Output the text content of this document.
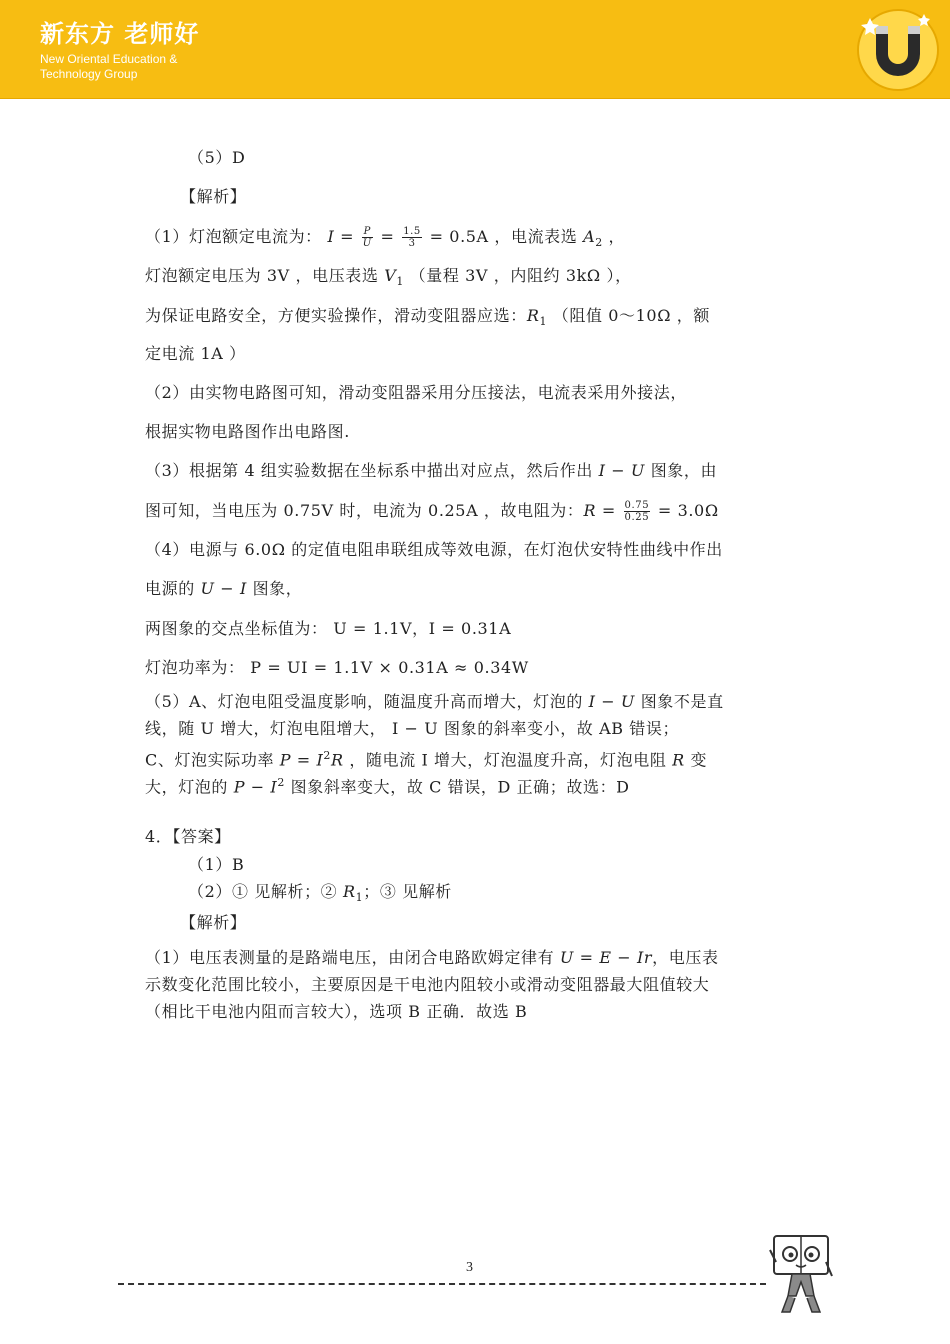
新东方 老师好
New Oriental Education &
Technology Group
（5）D
【解析】
（1）灯泡额定电流为： $I = \frac{P}{U} = \frac{1.5}{3} = 0.5A$ ，电流表选 $A_2$ ，
灯泡额定电压为 3V ，电压表选 $V_1$ （量程 3V ，内阻约 3kΩ ），
为保证电路安全，方便实验操作，滑动变阻器应选：$R_1$ （阻值 0～10Ω ，额
定电流 1A ）
（2）由实物电路图可知，滑动变阻器采用分压接法，电流表采用外接法，
根据实物电路图作出电路图.
（3）根据第 4 组实验数据在坐标系中描出对应点，然后作出 I − U 图象，由
图可知，当电压为 0.75V 时，电流为 0.25A ，故电阻为：$R = \frac{0.75}{0.25} = 3.0\Omega$
（4）电源与 6.0Ω 的定值电阻串联组成等效电源，在灯泡伏安特性曲线中作出
电源的 U − I 图象，
两图象的交点坐标值为： U = 1.1V，I = 0.31A
灯泡功率为： P = UI = 1.1V × 0.31A ≈ 0.34W
（5）A、灯泡电阻受温度影响，随温度升高而增大，灯泡的 I − U 图象不是直
线，随 U 增大，灯泡电阻增大， I − U 图象的斜率变小，故 AB 错误；
C、灯泡实际功率 $P = I^2R$ ，随电流 I 增大，灯泡温度升高，灯泡电阻 R 变
大，灯泡的 $P - I^2$ 图象斜率变大，故 C 错误，D 正确；故选：D
4．【答案】
（1）B
（2）① 见解析；② $R_1$；③ 见解析
【解析】
（1）电压表测量的是路端电压，由闭合电路欧姆定律有 U = E − Ir，电压表
示数变化范围比较小，主要原因是干电池内阻较小或滑动变阻器最大阻值较大
（相比干电池内阻而言较大），选项 B 正确．故选 B
3
